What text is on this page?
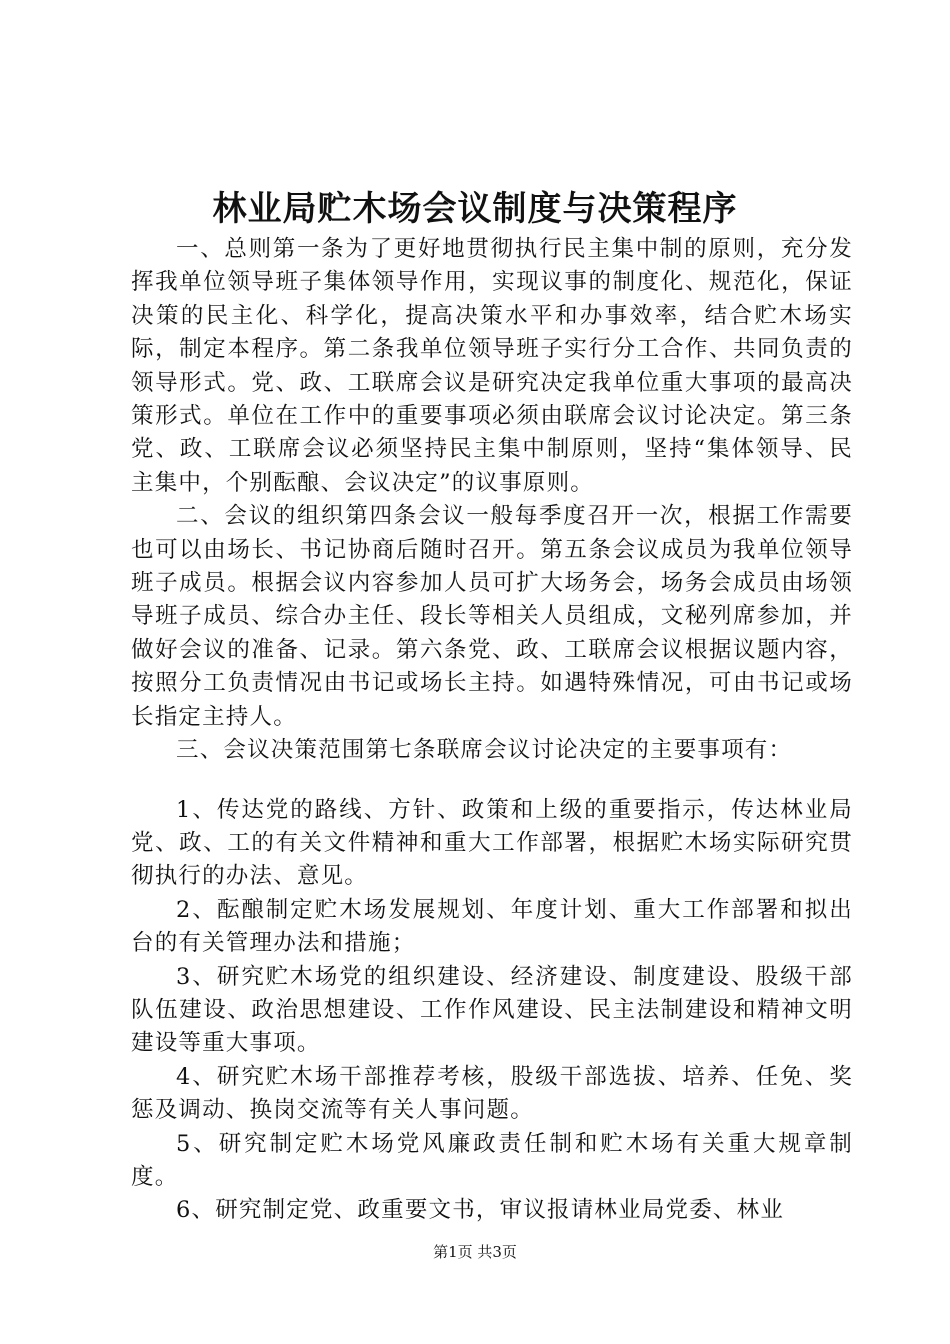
林业局贮木场会议制度与决策程序

一、总则第一条为了更好地贯彻执行民主集中制的原则，充分发挥我单位领导班子集体领导作用，实现议事的制度化、规范化，保证决策的民主化、科学化，提高决策水平和办事效率，结合贮木场实际，制定本程序。第二条我单位领导班子实行分工合作、共同负责的领导形式。党、政、工联席会议是研究决定我单位重大事项的最高决策形式。单位在工作中的重要事项必须由联席会议讨论决定。第三条党、政、工联席会议必须坚持民主集中制原则，坚持“集体领导、民主集中，个别酝酿、会议决定”的议事原则。

二、会议的组织第四条会议一般每季度召开一次，根据工作需要也可以由场长、书记协商后随时召开。第五条会议成员为我单位领导班子成员。根据会议内容参加人员可扩大场务会，场务会成员由场领导班子成员、综合办主任、段长等相关人员组成，文秘列席参加，并做好会议的准备、记录。第六条党、政、工联席会议根据议题内容，按照分工负责情况由书记或场长主持。如遇特殊情况，可由书记或场长指定主持人。

三、会议决策范围第七条联席会议讨论决定的主要事项有：

1、传达党的路线、方针、政策和上级的重要指示，传达林业局党、政、工的有关文件精神和重大工作部署，根据贮木场实际研究贯彻执行的办法、意见。

2、酝酿制定贮木场发展规划、年度计划、重大工作部署和拟出台的有关管理办法和措施；

3、研究贮木场党的组织建设、经济建设、制度建设、股级干部队伍建设、政治思想建设、工作作风建设、民主法制建设和精神文明建设等重大事项。

4、研究贮木场干部推荐考核，股级干部选拔、培养、任免、奖惩及调动、换岗交流等有关人事问题。

5、研究制定贮木场党风廉政责任制和贮木场有关重大规章制度。

6、研究制定党、政重要文书，审议报请林业局党委、林业

第1页 共3页
